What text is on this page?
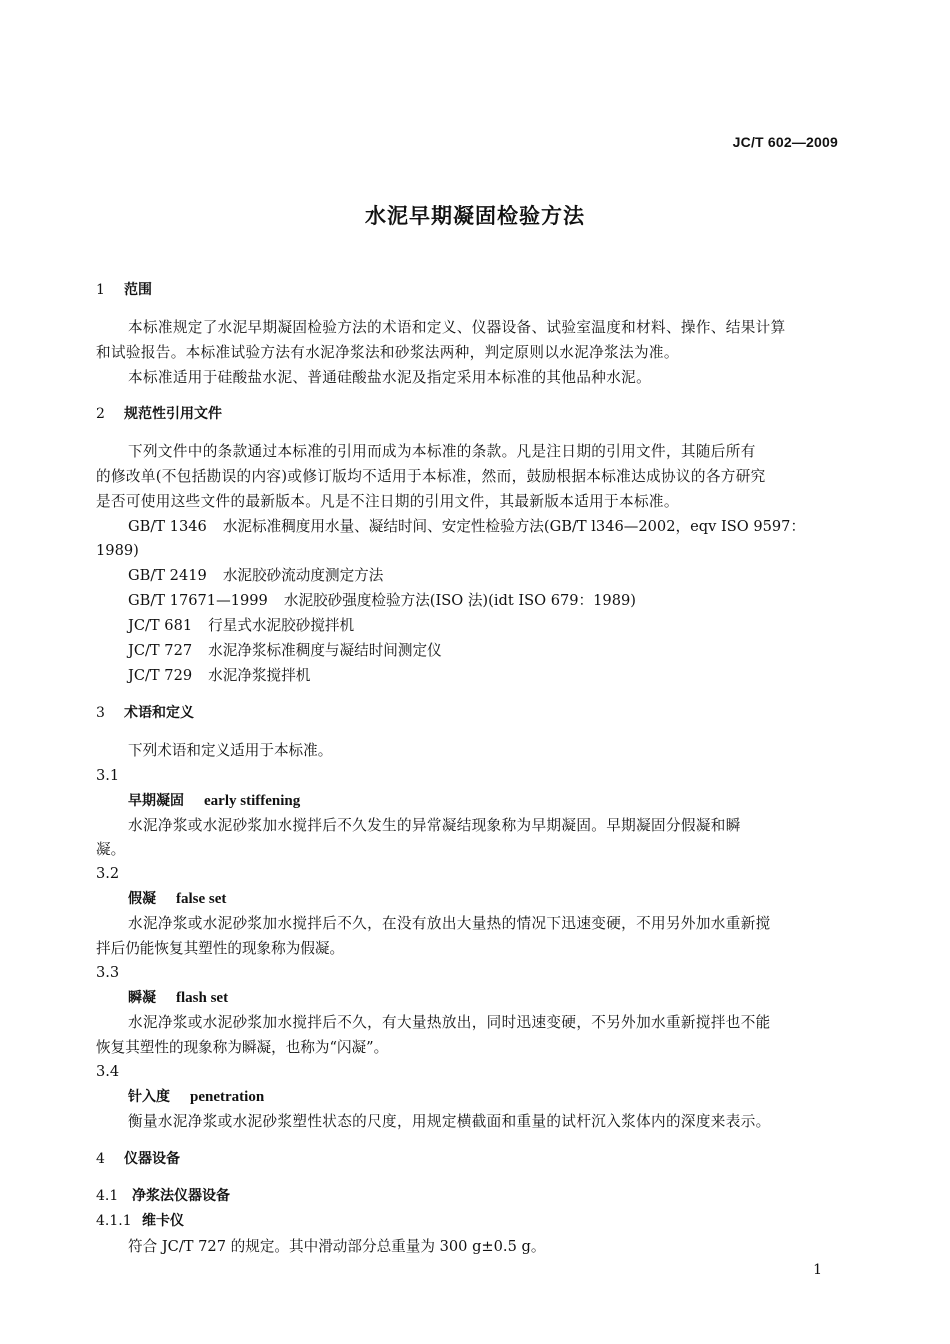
JC/T 602—2009
水泥早期凝固检验方法
1 范围
本标准规定了水泥早期凝固检验方法的术语和定义、仪器设备、试验室温度和材料、操作、结果计算
和试验报告。本标准试验方法有水泥净浆法和砂浆法两种，判定原则以水泥净浆法为准。
本标准适用于硅酸盐水泥、普通硅酸盐水泥及指定采用本标准的其他品种水泥。
2 规范性引用文件
下列文件中的条款通过本标准的引用而成为本标准的条款。凡是注日期的引用文件，其随后所有
的修改单(不包括勘误的内容)或修订版均不适用于本标准，然而，鼓励根据本标准达成协议的各方研究
是否可使用这些文件的最新版本。凡是不注日期的引用文件，其最新版本适用于本标准。
GB/T 1346 水泥标准稠度用水量、凝结时间、安定性检验方法(GB/T l346—2002，eqv ISO 9597：
1989)
GB/T 2419 水泥胶砂流动度测定方法
GB/T 17671—1999 水泥胶砂强度检验方法(ISO 法)(idt ISO 679：1989)
JC/T 681 行星式水泥胶砂搅拌机
JC/T 727 水泥净浆标准稠度与凝结时间测定仪
JC/T 729 水泥净浆搅拌机
3 术语和定义
下列术语和定义适用于本标准。
3.1
早期凝固 early stiffening
水泥净浆或水泥砂浆加水搅拌后不久发生的异常凝结现象称为早期凝固。早期凝固分假凝和瞬
凝。
3.2
假凝 false set
水泥净浆或水泥砂浆加水搅拌后不久，在没有放出大量热的情况下迅速变硬，不用另外加水重新搅
拌后仍能恢复其塑性的现象称为假凝。
3.3
瞬凝 flash set
水泥净浆或水泥砂浆加水搅拌后不久，有大量热放出，同时迅速变硬，不另外加水重新搅拌也不能
恢复其塑性的现象称为瞬凝，也称为“闪凝”。
3.4
针入度 penetration
衡量水泥净浆或水泥砂浆塑性状态的尺度，用规定横截面和重量的试杆沉入浆体内的深度来表示。
4 仪器设备
4.1 净浆法仪器设备
4.1.1 维卡仪
符合 JC/T 727 的规定。其中滑动部分总重量为 300 g±0.5 g。
1
